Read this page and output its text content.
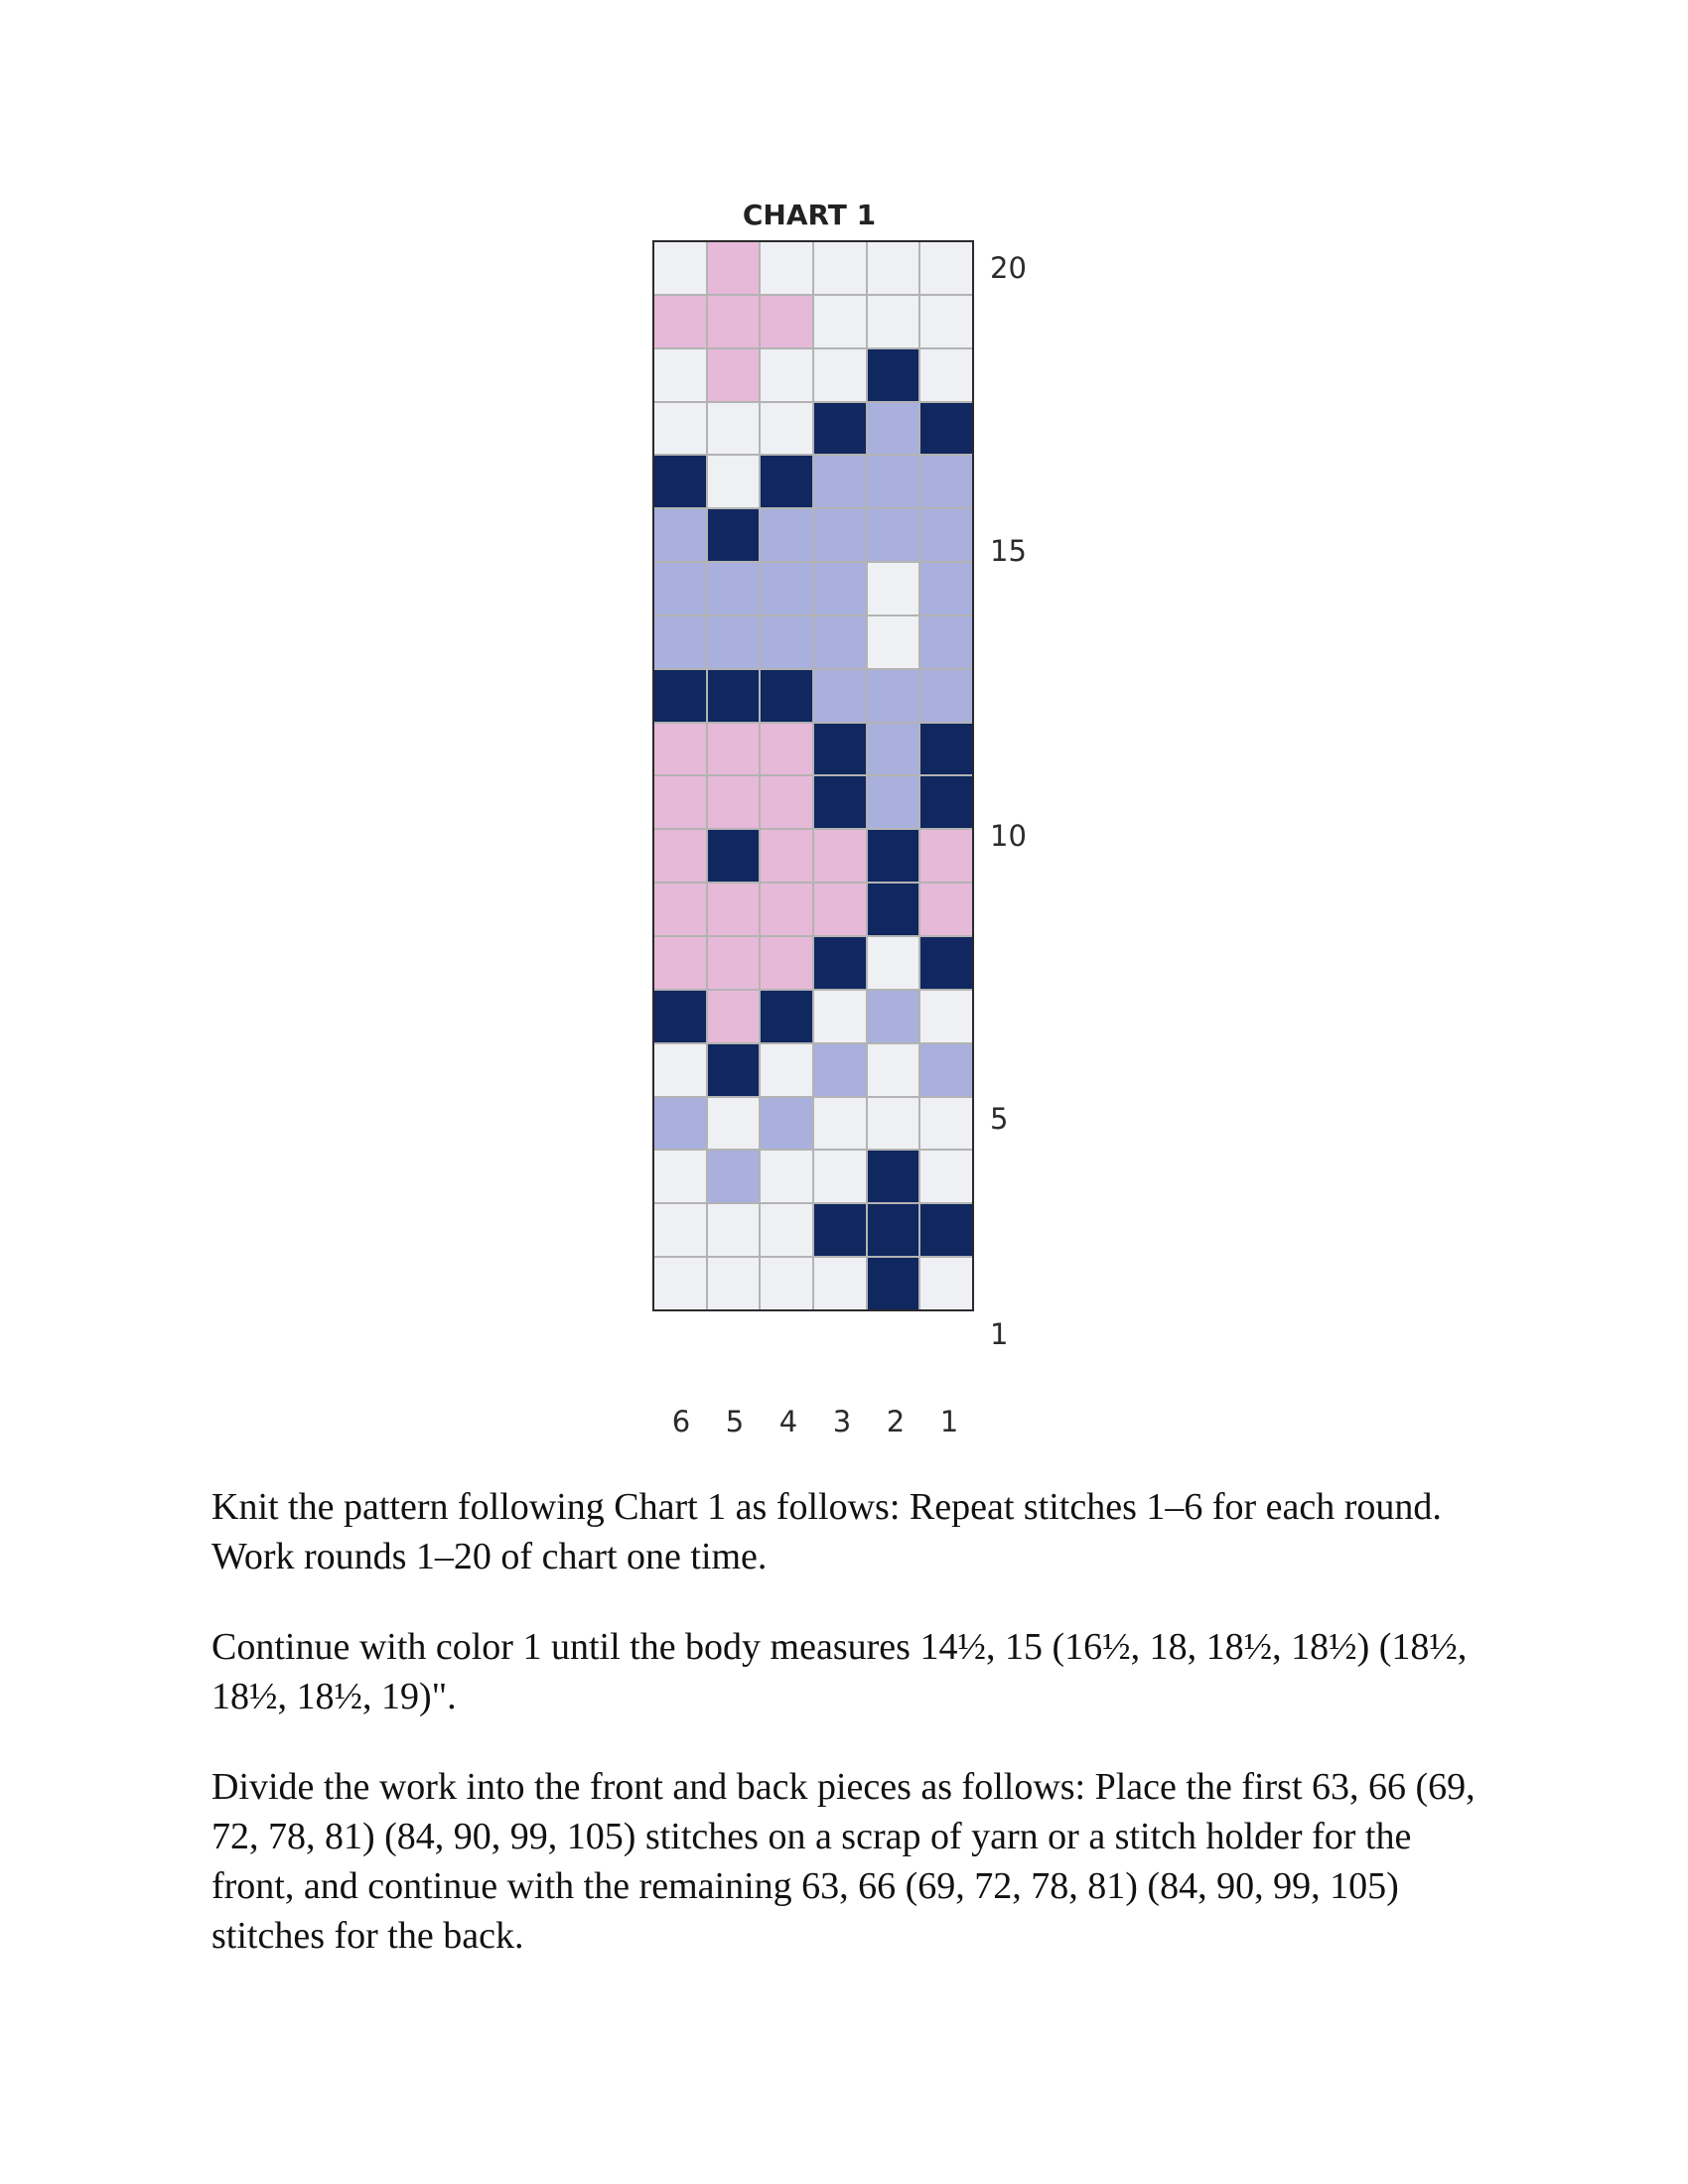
CHART 1
20
15
10
5
1
6	5	4	3	2	1

Knit the pattern following Chart 1 as follows: Repeat stitches 1–6 for each round. Work rounds 1–20 of chart one time.

Continue with color 1 until the body measures 14½, 15 (16½, 18, 18½, 18½) (18½, 18½, 18½, 19)".

Divide the work into the front and back pieces as follows: Place the first 63, 66 (69, 72, 78, 81) (84, 90, 99, 105) stitches on a scrap of yarn or a stitch holder for the front, and continue with the remaining 63, 66 (69, 72, 78, 81) (84, 90, 99, 105) stitches for the back.
